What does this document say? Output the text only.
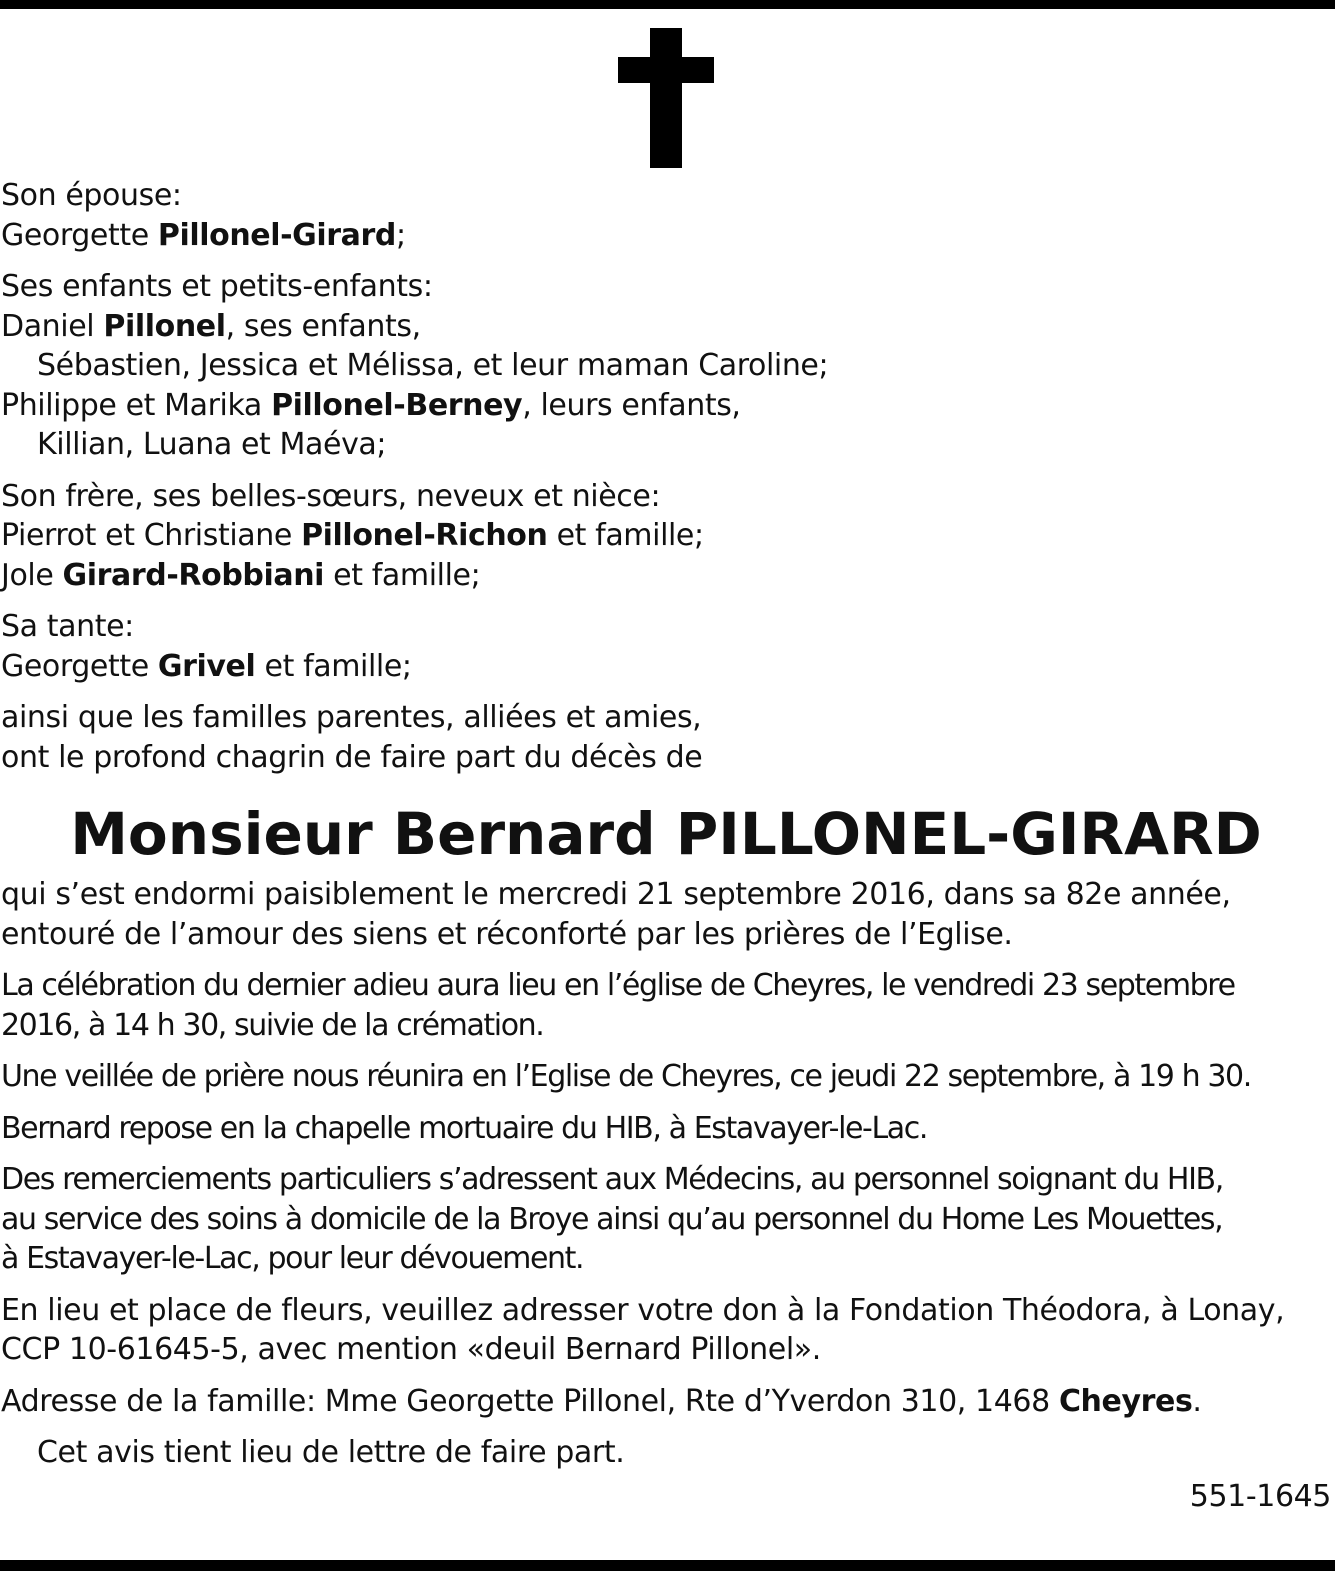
Son épouse:
Georgette Pillonel-Girard;
Ses enfants et petits-enfants:
Daniel Pillonel, ses enfants,
Sébastien, Jessica et Mélissa, et leur maman Caroline;
Philippe et Marika Pillonel-Berney, leurs enfants,
Killian, Luana et Maéva;
Son frère, ses belles-sœurs, neveux et nièce:
Pierrot et Christiane Pillonel-Richon et famille;
Jole Girard-Robbiani et famille;
Sa tante:
Georgette Grivel et famille;
ainsi que les familles parentes, alliées et amies,
ont le profond chagrin de faire part du décès de
Monsieur Bernard PILLONEL-GIRARD
qui s’est endormi paisiblement le mercredi 21 septembre 2016, dans sa 82e année,
entouré de l’amour des siens et réconforté par les prières de l’Eglise.
La célébration du dernier adieu aura lieu en l’église de Cheyres, le vendredi 23 septembre
2016, à 14 h 30, suivie de la crémation.
Une veillée de prière nous réunira en l’Eglise de Cheyres, ce jeudi 22 septembre, à 19 h 30.
Bernard repose en la chapelle mortuaire du HIB, à Estavayer-le-Lac.
Des remerciements particuliers s’adressent aux Médecins, au personnel soignant du HIB,
au service des soins à domicile de la Broye ainsi qu’au personnel du Home Les Mouettes,
à Estavayer-le-Lac, pour leur dévouement.
En lieu et place de fleurs, veuillez adresser votre don à la Fondation Théodora, à Lonay,
CCP 10-61645-5, avec mention «deuil Bernard Pillonel».
Adresse de la famille: Mme Georgette Pillonel, Rte d’Yverdon 310, 1468 Cheyres.
Cet avis tient lieu de lettre de faire part.
551-1645
